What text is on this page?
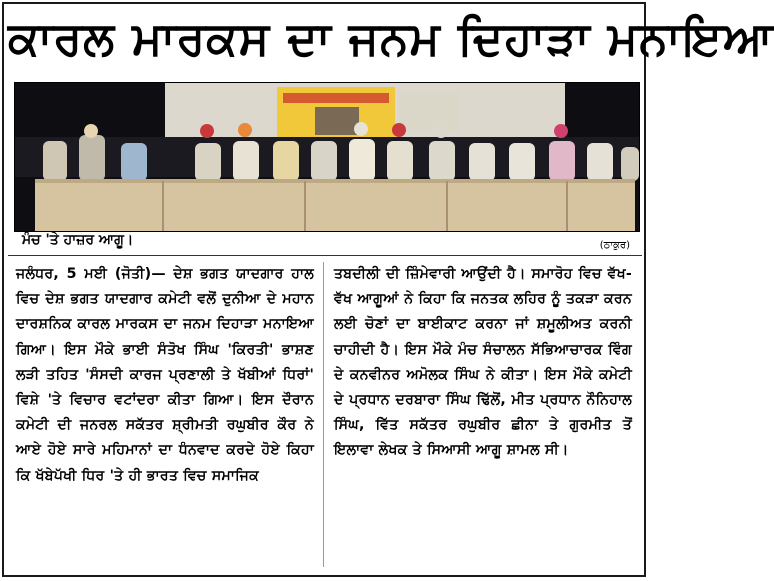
ਕਾਰਲ ਮਾਰਕਸ ਦਾ ਜਨਮ ਦਿਹਾੜਾ ਮਨਾਇਆ
ਮੰਚ 'ਤੇ ਹਾਜ਼ਰ ਆਗੂ।	(ਠਾਕੁਰ)

ਜਲੰਧਰ, 5 ਮਈ (ਜੋਤੀ)— ਦੇਸ਼ ਭਗਤ ਯਾਦਗਾਰ ਹਾਲ ਵਿਚ ਦੇਸ਼ ਭਗਤ ਯਾਦਗਾਰ ਕਮੇਟੀ ਵਲੋਂ ਦੁਨੀਆ ਦੇ ਮਹਾਨ ਦਾਰਸ਼ਨਿਕ ਕਾਰਲ ਮਾਰਕਸ ਦਾ ਜਨਮ ਦਿਹਾੜਾ ਮਨਾਇਆ ਗਿਆ। ਇਸ ਮੌਕੇ ਭਾਈ ਸੰਤੋਖ ਸਿੰਘ 'ਕਿਰਤੀ' ਭਾਸ਼ਣ ਲੜੀ ਤਹਿਤ 'ਸੰਸਦੀ ਕਾਰਜ ਪ੍ਰਣਾਲੀ ਤੇ ਖੱਬੀਆਂ ਧਿਰਾਂ' ਵਿਸ਼ੇ 'ਤੇ ਵਿਚਾਰ ਵਟਾਂਦਰਾ ਕੀਤਾ ਗਿਆ। ਇਸ ਦੌਰਾਨ ਕਮੇਟੀ ਦੀ ਜਨਰਲ ਸਕੱਤਰ ਸ਼੍ਰੀਮਤੀ ਰਘੁਬੀਰ ਕੌਰ ਨੇ ਆਏ ਹੋਏ ਸਾਰੇ ਮਹਿਮਾਨਾਂ ਦਾ ਧੰਨਵਾਦ ਕਰਦੇ ਹੋਏ ਕਿਹਾ ਕਿ ਖੱਬੇਪੱਖੀ ਧਿਰ 'ਤੇ ਹੀ ਭਾਰਤ ਵਿਚ ਸਮਾਜਿਕ

ਤਬਦੀਲੀ ਦੀ ਜ਼ਿੰਮੇਵਾਰੀ ਆਉਂਦੀ ਹੈ। ਸਮਾਰੋਹ ਵਿਚ ਵੱਖ-ਵੱਖ ਆਗੂਆਂ ਨੇ ਕਿਹਾ ਕਿ ਜਨਤਕ ਲਹਿਰ ਨੂੰ ਤਕੜਾ ਕਰਨ ਲਈ ਚੋਣਾਂ ਦਾ ਬਾਈਕਾਟ ਕਰਨਾ ਜਾਂ ਸ਼ਮੂਲੀਅਤ ਕਰਨੀ ਚਾਹੀਦੀ ਹੈ। ਇਸ ਮੌਕੇ ਮੰਚ ਸੰਚਾਲਨ ਸੱਭਿਆਚਾਰਕ ਵਿੰਗ ਦੇ ਕਨਵੀਨਰ ਅਮੋਲਕ ਸਿੰਘ ਨੇ ਕੀਤਾ। ਇਸ ਮੌਕੇ ਕਮੇਟੀ ਦੇ ਪ੍ਰਧਾਨ ਦਰਬਾਰਾ ਸਿੰਘ ਢਿੱਲੋਂ, ਮੀਤ ਪ੍ਰਧਾਨ ਨੌਨਿਹਾਲ ਸਿੰਘ, ਵਿੱਤ ਸਕੱਤਰ ਰਘੁਬੀਰ ਛੀਨਾ ਤੇ ਗੁਰਮੀਤ ਤੋਂ ਇਲਾਵਾ ਲੇਖਕ ਤੇ ਸਿਆਸੀ ਆਗੂ ਸ਼ਾਮਲ ਸੀ।
